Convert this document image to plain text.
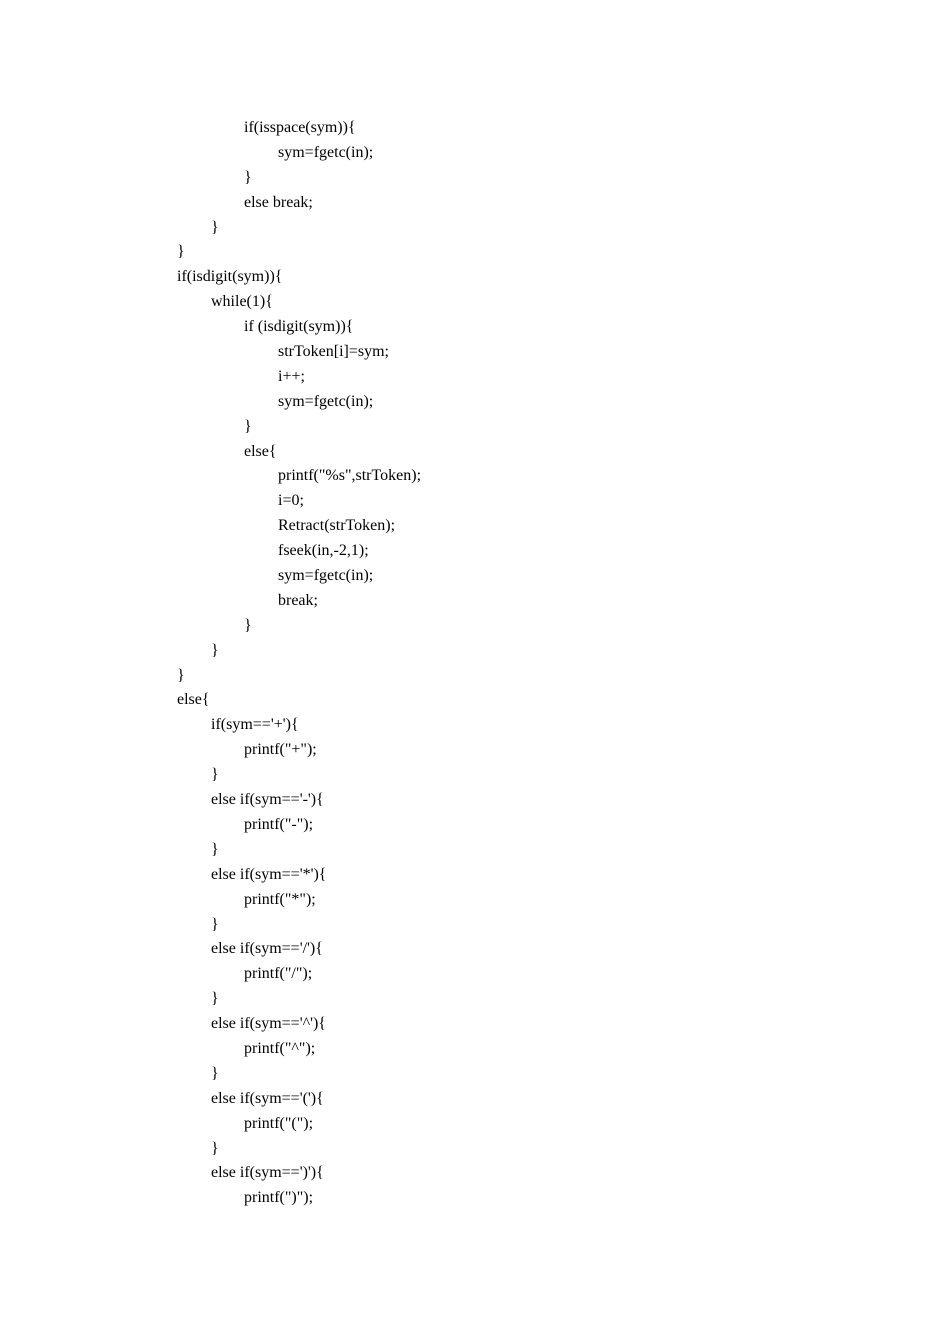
if(isspace(sym)){
sym=fgetc(in);
}
else break;
}
}
if(isdigit(sym)){
while(1){
if (isdigit(sym)){
strToken[i]=sym;
i++;
sym=fgetc(in);
}
else{
printf("%s",strToken);
i=0;
Retract(strToken);
fseek(in,-2,1);
sym=fgetc(in);
break;
}
}
}
else{
if(sym=='+'){
printf("+");
}
else if(sym=='-'){
printf("-");
}
else if(sym=='*'){
printf("*");
}
else if(sym=='/'){
printf("/");
}
else if(sym=='^'){
printf("^");
}
else if(sym=='('){
printf("(");
}
else if(sym==')'){
printf(")");
